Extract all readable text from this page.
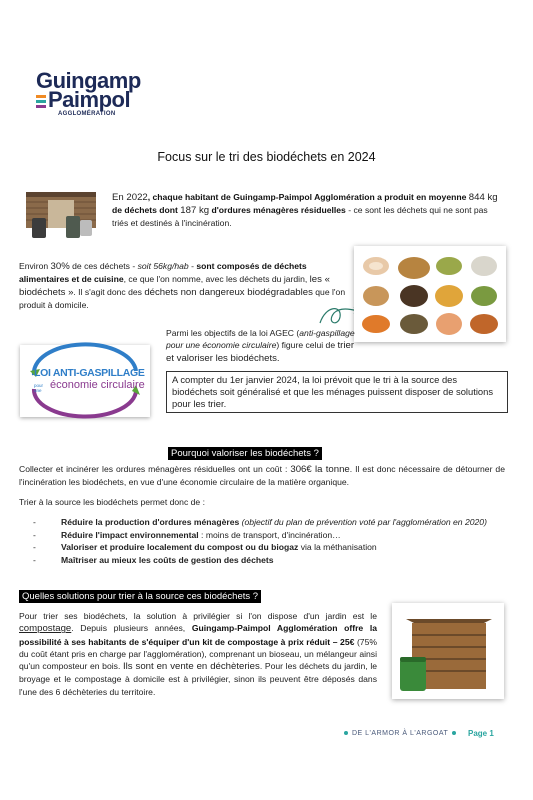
Guingamp
Paimpol
AGGLOMÉRATION
Focus sur le tri des biodéchets en 2024
En 2022, chaque habitant de Guingamp-Paimpol Agglomération a produit en moyenne 844 kg de déchets dont 187 kg d'ordures ménagères résiduelles - ce sont les déchets qui ne sont pas triés et destinés à l'incinération.
Environ 30% de ces déchets - soit 56kg/hab - sont composés de déchets alimentaires et de cuisine, ce que l'on nomme, avec les déchets du jardin, les « biodéchets ». Il s'agit donc des déchets non dangereux biodégradables que l'on produit à domicile.
Parmi les objectifs de la loi AGEC (anti-gaspillage pour une économie circulaire) figure celui de trier et valoriser les biodéchets.
LOI ANTI-GASPILLAGE
pour une économie circulaire	A compter du 1er janvier 2024, la loi prévoit que le tri à la source des biodéchets soit généralisé et que les ménages puissent disposer de solutions pour les trier.
Pourquoi valoriser les biodéchets ?
Collecter et incinérer les ordures ménagères résiduelles ont un coût : 306€ la tonne. Il est donc nécessaire de détourner de l'incinération les biodéchets, en vue d'une économie circulaire de la matière organique.
Trier à la source les biodéchets permet donc de :
- Réduire la production d'ordures ménagères (objectif du plan de prévention voté par l'agglomération en 2020)
- Réduire l'impact environnemental : moins de transport, d'incinération…
- Valoriser et produire localement du compost ou du biogaz via la méthanisation
- Maîtriser au mieux les coûts de gestion des déchets
Quelles solutions pour trier à la source ces biodéchets ?
Pour trier ses biodéchets, la solution à privilégier si l'on dispose d'un jardin est le compostage. Depuis plusieurs années, Guingamp-Paimpol Agglomération offre la possibilité à ses habitants de s'équiper d'un kit de compostage à prix réduit – 25€ (75% du coût étant pris en charge par l'agglomération), comprenant un bioseau, un mélangeur ainsi qu'un composteur en bois. Ils sont en vente en déchèteries. Pour les déchets du jardin, le broyage et le compostage à domicile est à privilégier, sinon ils peuvent être déposés dans l'une des 6 déchèteries du territoire.
DE L'ARMOR À L'ARGOAT	Page 1
